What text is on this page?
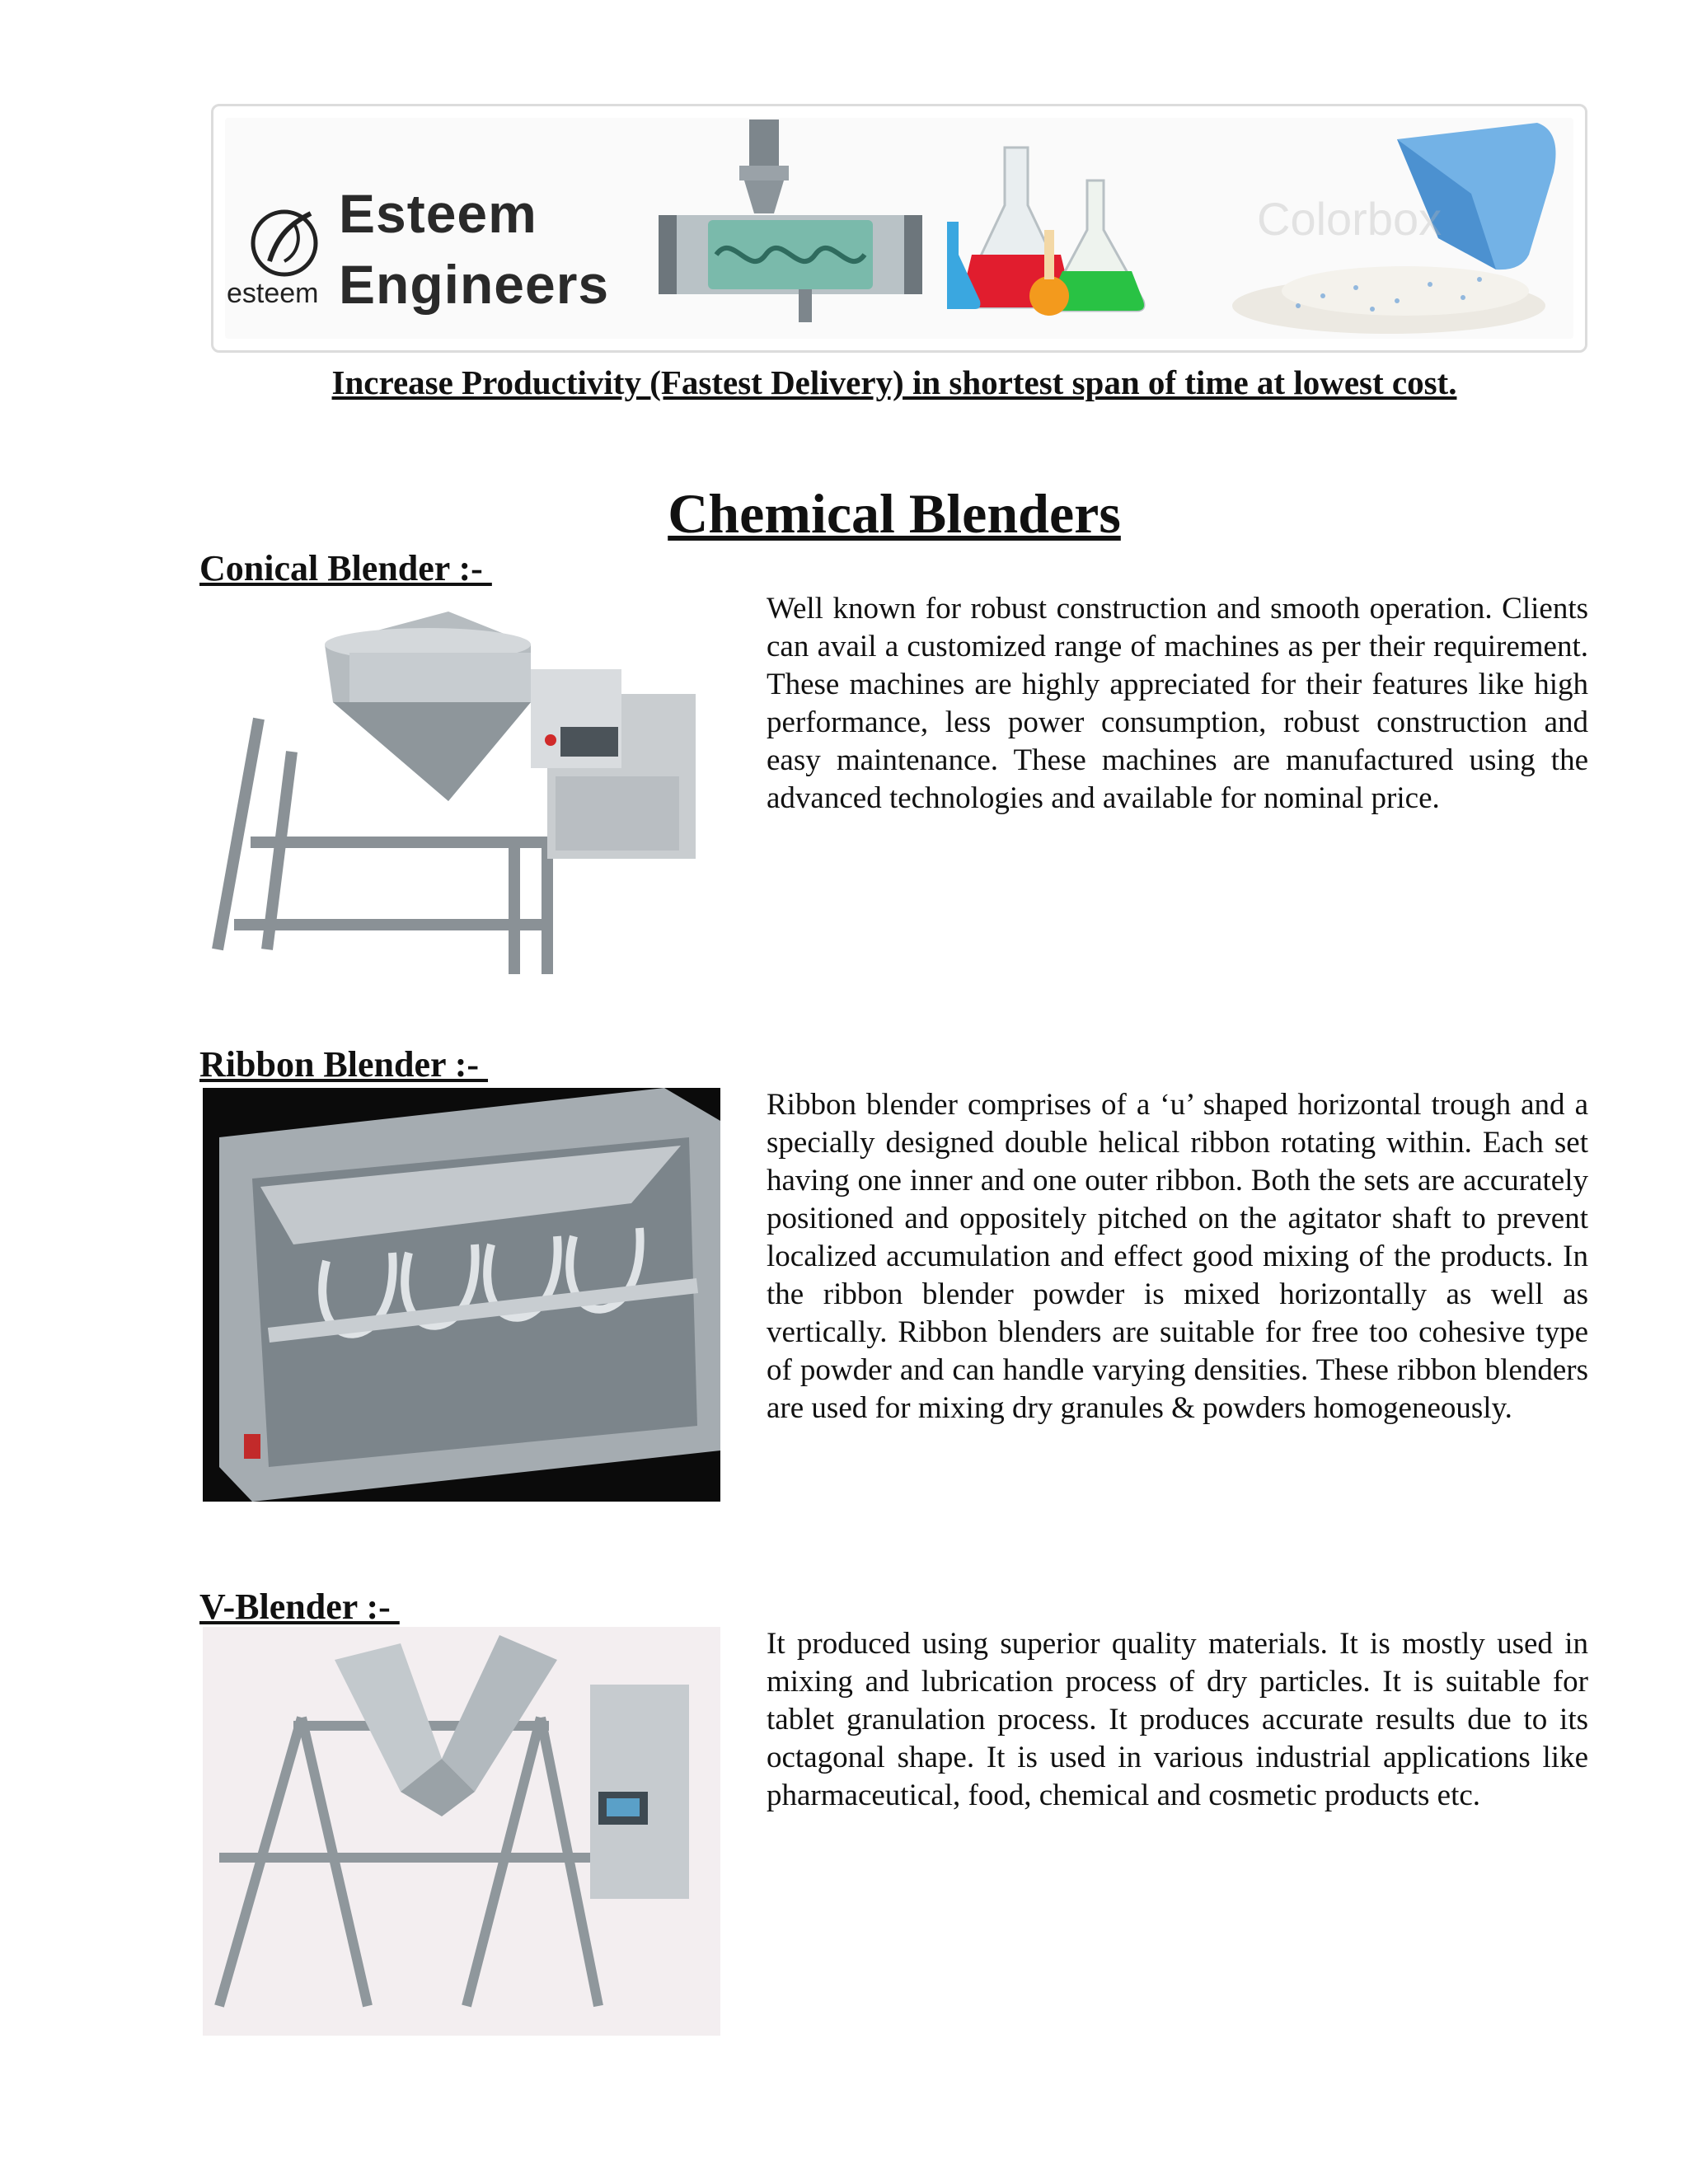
esteem
Esteem
Engineers
Colorbox
Increase Productivity (Fastest Delivery) in shortest span of time at lowest cost.
Chemical Blenders
Conical Blender :-

Well known for robust construction and smooth operation. Clients can avail a customized range of machines as per their requirement. These machines are highly appreciated for their features like high performance, less power consumption, robust construction and easy maintenance. These machines are manufactured using the advanced technologies and available for nominal price.

Ribbon Blender :-

Ribbon blender comprises of a ‘u’ shaped horizontal trough and a specially designed double helical ribbon rotating within. Each set having one inner and one outer ribbon. Both the sets are accurately positioned and oppositely pitched on the agitator shaft to prevent localized accumulation and effect good mixing of the products. In the ribbon blender powder is mixed horizontally as well as vertically. Ribbon blenders are suitable for free too cohesive type of powder and can handle varying densities. These ribbon blenders are used for mixing dry granules & powders homogeneously.

V-Blender :-

It produced using superior quality materials. It is mostly used in mixing and lubrication process of dry particles. It is suitable for tablet granulation process. It produces accurate results due to its octagonal shape. It is used in various industrial applications like pharmaceutical, food, chemical and cosmetic products etc.
